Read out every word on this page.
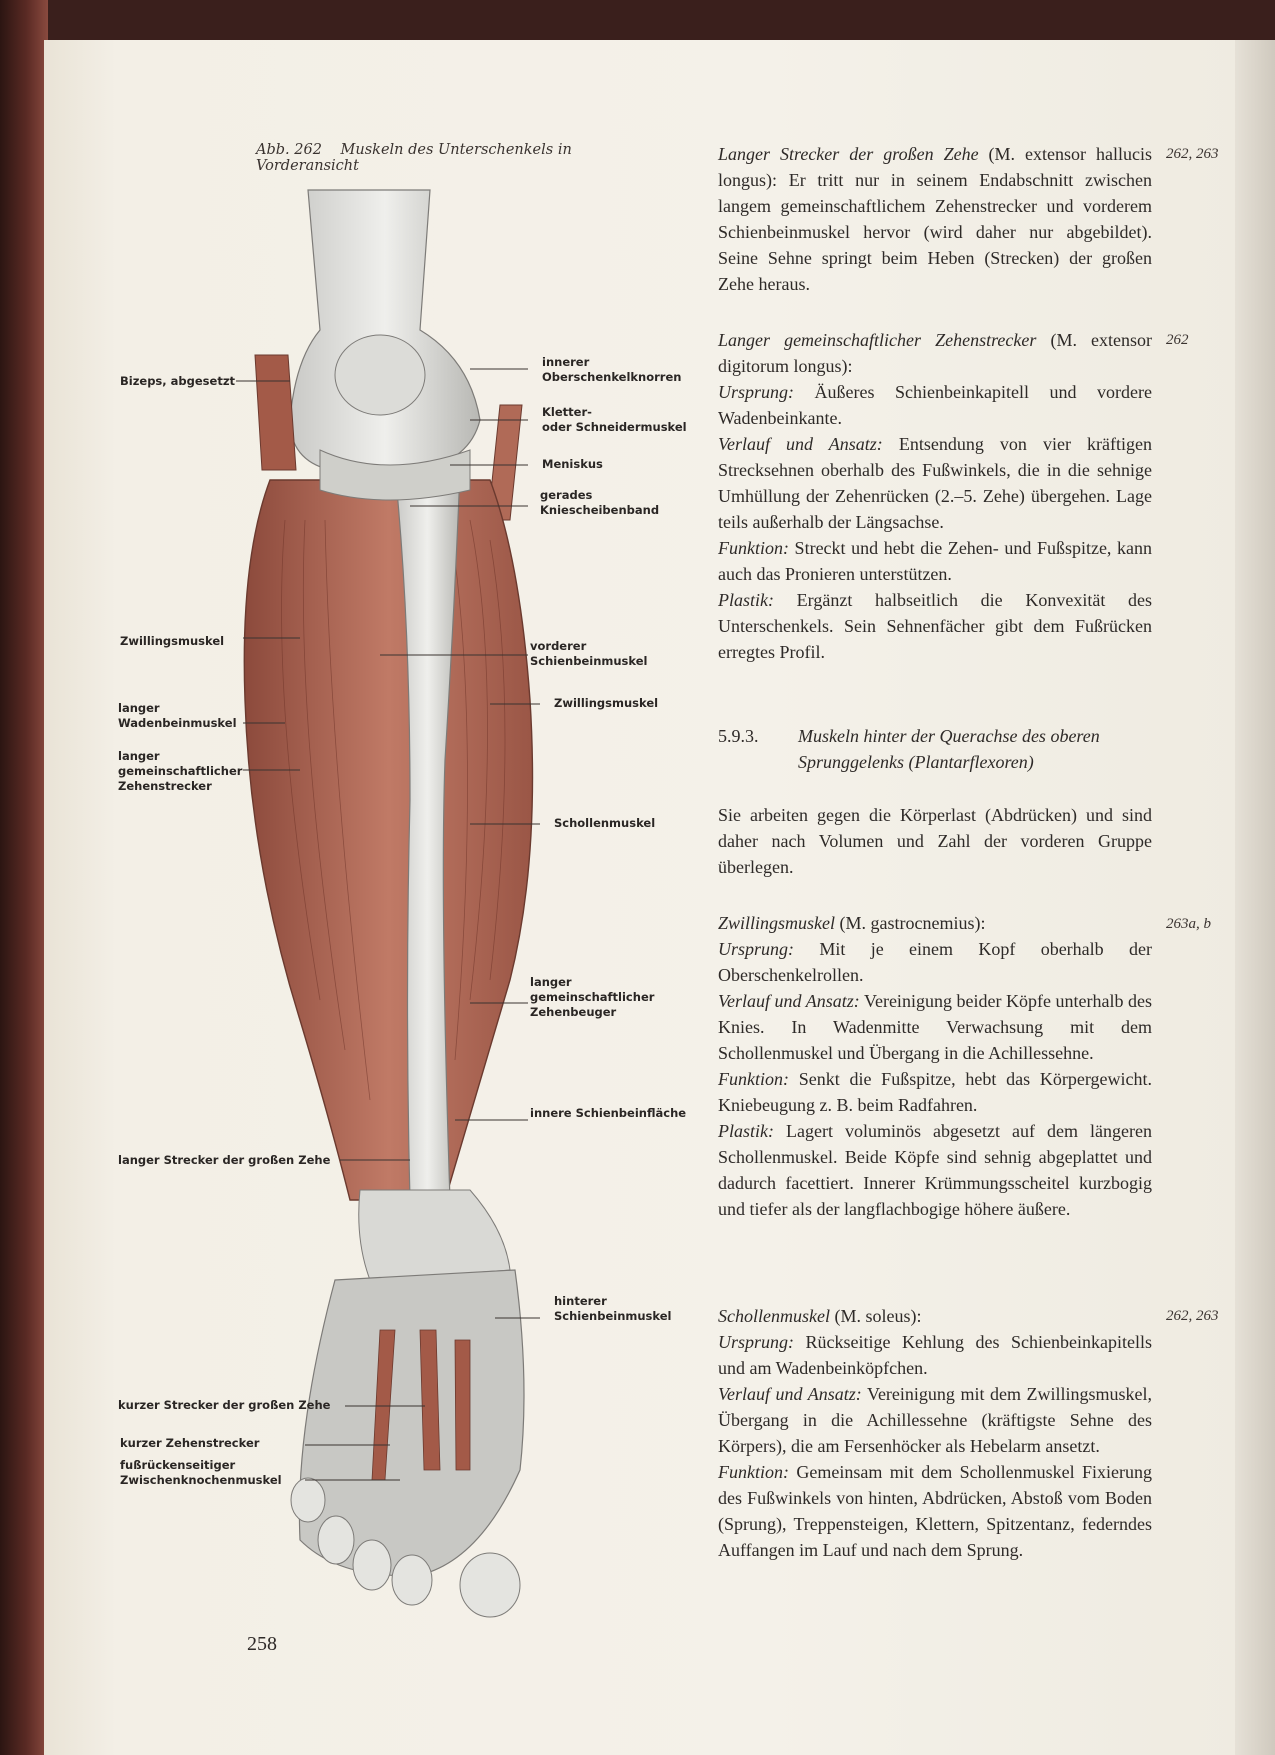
Abb. 262 Muskeln des Unterschenkels in Vorderansicht
Bizeps, abgesetzt
Zwillingsmuskel
langer
Wadenbeinmuskel
langer
gemeinschaftlicher
Zehenstrecker
langer Strecker der großen Zehe
kurzer Strecker der großen Zehe
kurzer Zehenstrecker
fußrückenseitiger
Zwischenknochenmuskel
innerer
Oberschenkelknorren
Kletter-
oder Schneidermuskel
Meniskus
gerades
Kniescheibenband
vorderer
Schienbeinmuskel
Zwillingsmuskel
Schollenmuskel
langer
gemeinschaftlicher
Zehenbeuger
innere Schienbeinfläche
hinterer
Schienbeinmuskel
262, 263
262
263a, b
262, 263

Langer Strecker der großen Zehe (M. extensor hallucis longus): Er tritt nur in seinem Endabschnitt zwischen langem gemeinschaftlichem Zehenstrecker und vorderem Schienbeinmuskel hervor (wird daher nur abgebildet). Seine Sehne springt beim Heben (Strecken) der großen Zehe heraus.

Langer gemeinschaftlicher Zehenstrecker (M. extensor digitorum longus):

Ursprung: Äußeres Schienbeinkapitell und vordere Wadenbeinkante.

Verlauf und Ansatz: Entsendung von vier kräftigen Strecksehnen oberhalb des Fußwinkels, die in die sehnige Umhüllung der Zehenrücken (2.–5. Zehe) übergehen. Lage teils außerhalb der Längsachse.

Funktion: Streckt und hebt die Zehen- und Fußspitze, kann auch das Pronieren unterstützen.

Plastik: Ergänzt halbseitlich die Konvexität des Unterschenkels. Sein Sehnenfächer gibt dem Fußrücken erregtes Profil.

5.9.3.	Muskeln hinter der Querachse des oberen Sprunggelenks (Plantarflexoren)

Sie arbeiten gegen die Körperlast (Abdrücken) und sind daher nach Volumen und Zahl der vorderen Gruppe überlegen.

Zwillingsmuskel (M. gastrocnemius):

Ursprung: Mit je einem Kopf oberhalb der Oberschenkelrollen.

Verlauf und Ansatz: Vereinigung beider Köpfe unterhalb des Knies. In Wadenmitte Verwachsung mit dem Schollenmuskel und Übergang in die Achillessehne.

Funktion: Senkt die Fußspitze, hebt das Körpergewicht. Kniebeugung z. B. beim Radfahren.

Plastik: Lagert voluminös abgesetzt auf dem längeren Schollenmuskel. Beide Köpfe sind sehnig abgeplattet und dadurch facettiert. Innerer Krümmungsscheitel kurzbogig und tiefer als der langflachbogige höhere äußere.

Schollenmuskel (M. soleus):

Ursprung: Rückseitige Kehlung des Schienbeinkapitells und am Wadenbeinköpfchen.

Verlauf und Ansatz: Vereinigung mit dem Zwillingsmuskel, Übergang in die Achillessehne (kräftigste Sehne des Körpers), die am Fersenhöcker als Hebelarm ansetzt.

Funktion: Gemeinsam mit dem Schollenmuskel Fixierung des Fußwinkels von hinten, Abdrücken, Abstoß vom Boden (Sprung), Treppensteigen, Klettern, Spitzentanz, federndes Auffangen im Lauf und nach dem Sprung.

258
